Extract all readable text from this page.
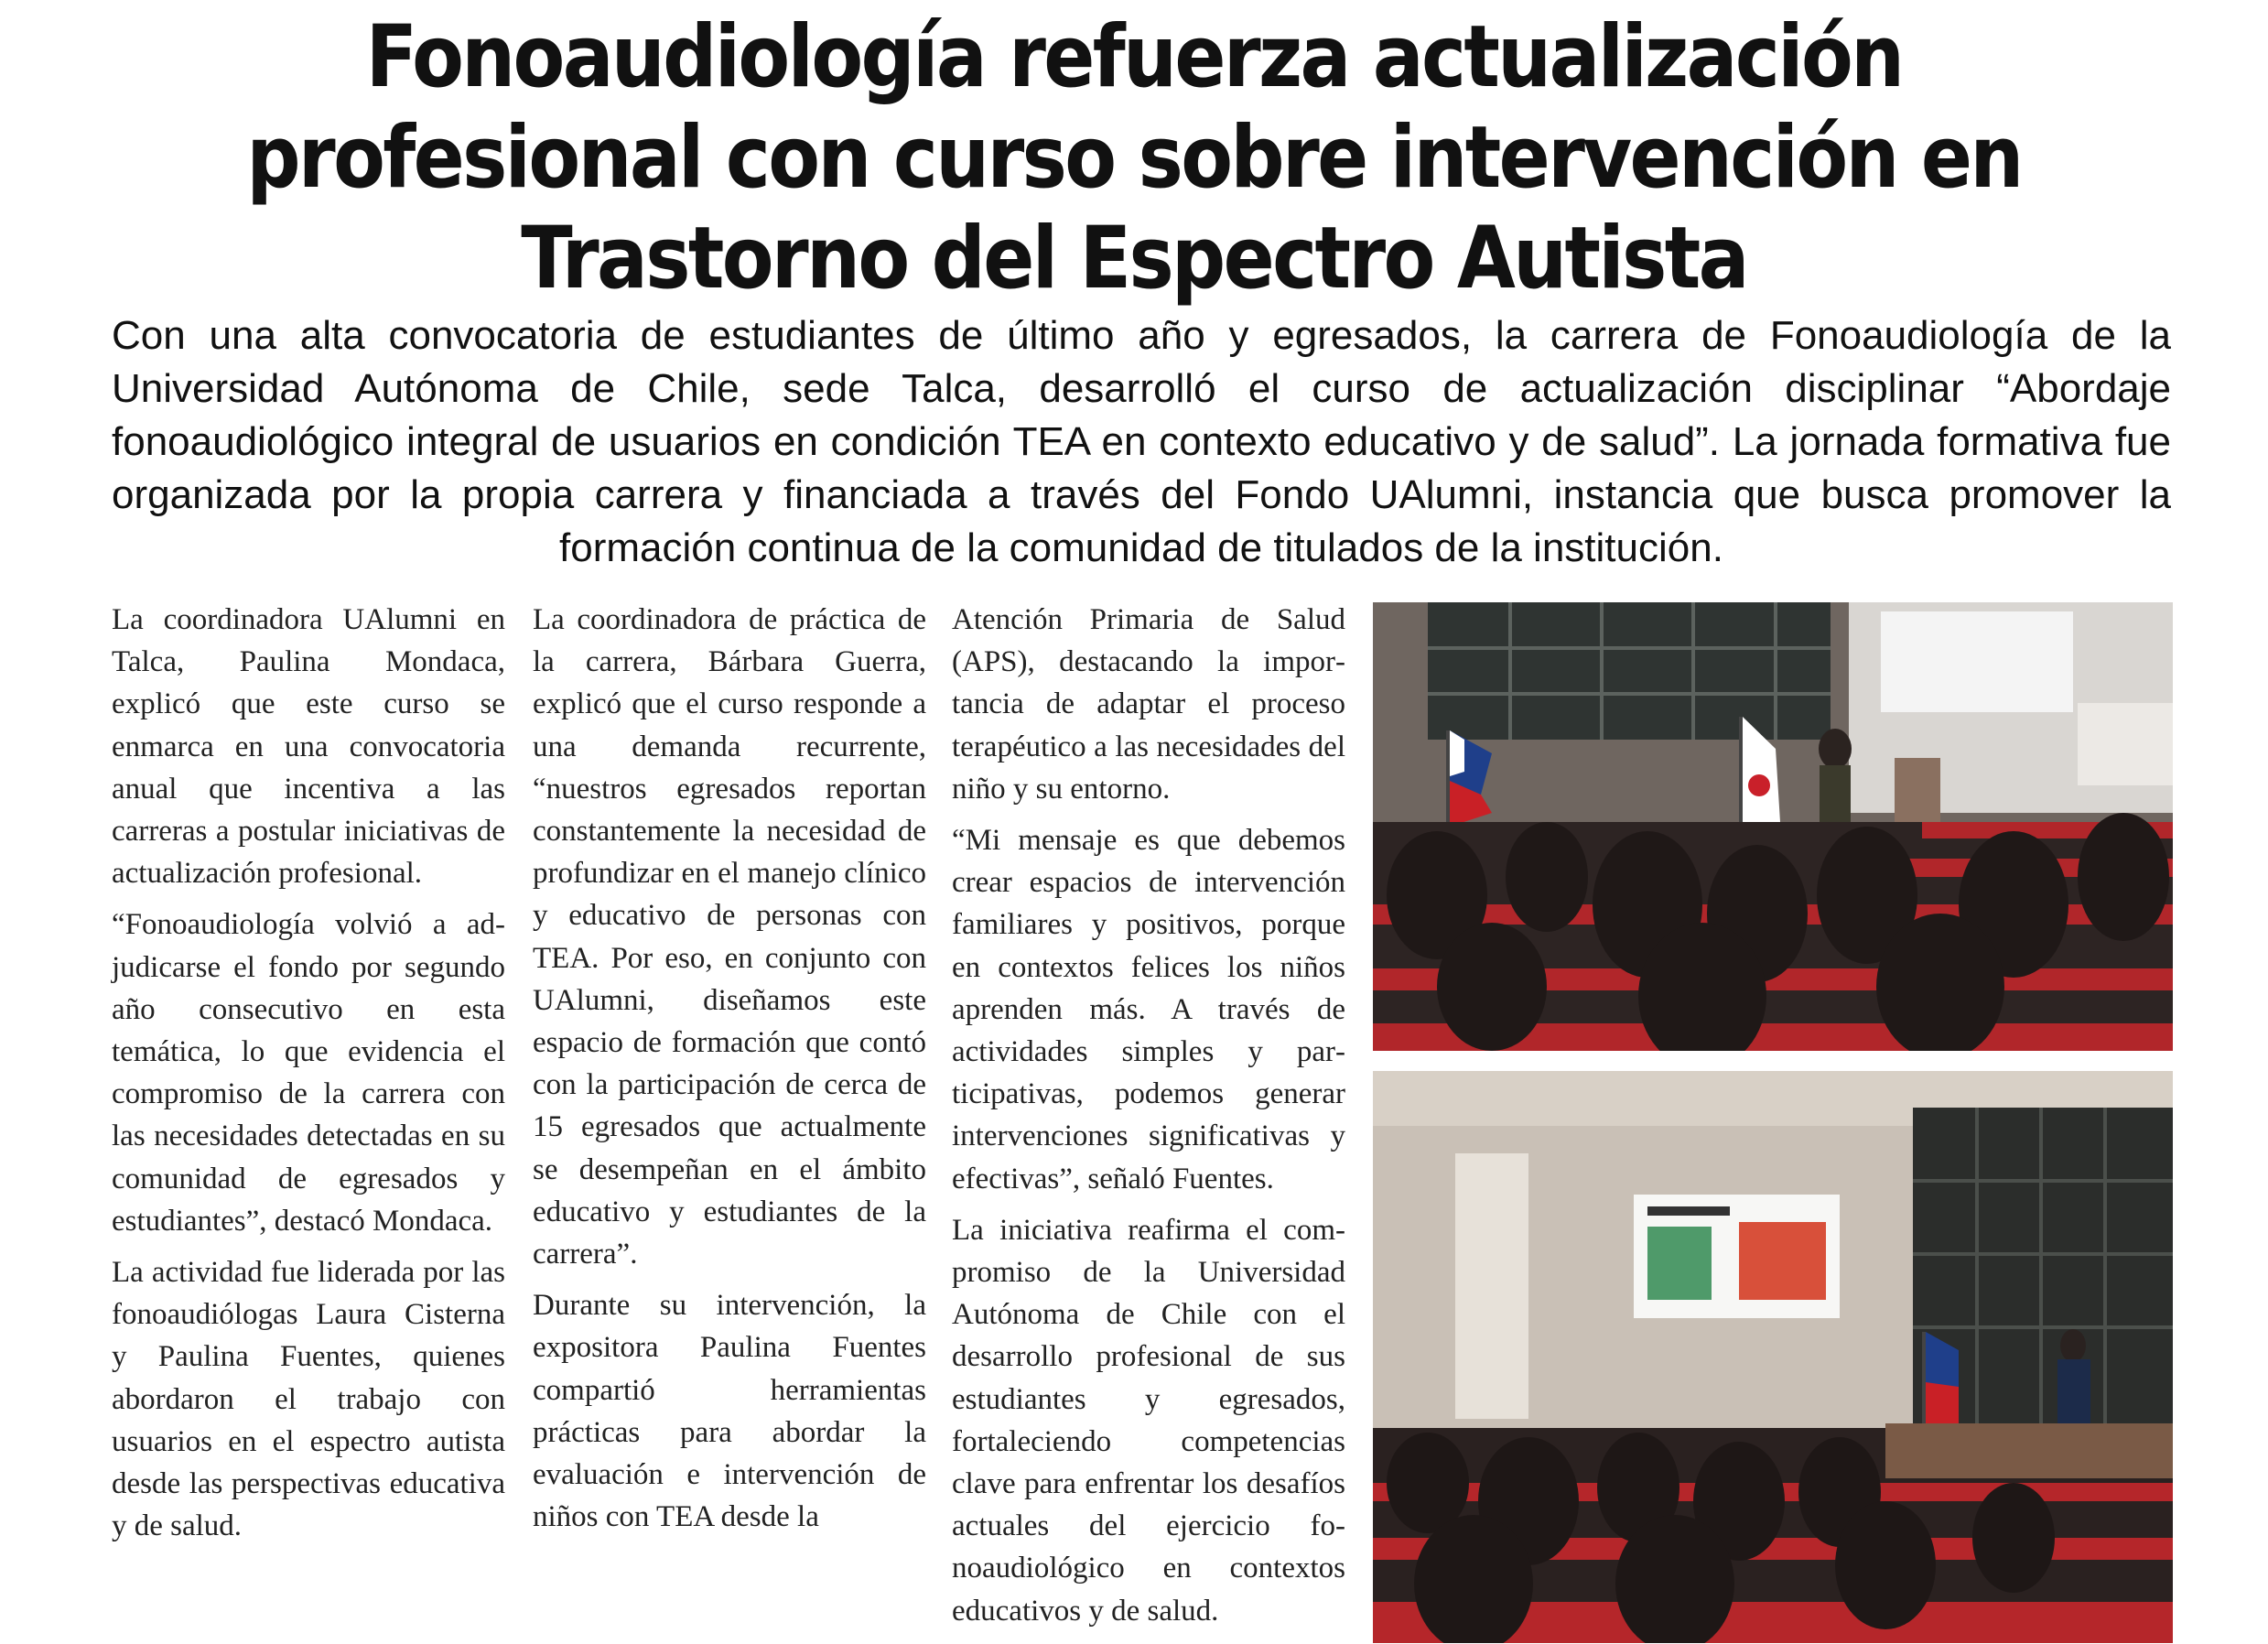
Fonoaudiología refuerza actualización
profesional con curso sobre intervención en
Trastorno del Espectro Autista

Con una alta convocatoria de estudiantes de último año y egresados, la carrera de Fonoaudiología de la Universidad Autónoma de Chile, sede Talca, desarrolló el curso de actualización disciplinar “Abordaje fonoaudiológico integral de usuarios en condición TEA en contexto educativo y de salud”. La jornada formativa fue organizada por la propia carrera y financiada a través del Fondo UAlumni, instancia que busca promover la formación continua de la comunidad de titulados de la institución.

La coordinadora UAlumni en Talca, Paulina Mondaca, explicó que este curso se enmarca en una convocatoria anual que incentiva a las carreras a postular iniciativas de actualización profesional.

“Fonoaudiología volvió a adjudicarse el fondo por segundo año consecutivo en esta temática, lo que evidencia el compromiso de la carrera con las necesidades detectadas en su comunidad de egresados y estudiantes”, destacó Mondaca.

La actividad fue liderada por las fonoaudiólogas Laura Cisterna y Paulina Fuentes, quienes abordaron el trabajo con usuarios en el espectro autista desde las perspectivas educativa y de salud.

La coordinadora de práctica de la carrera, Bárbara Guerra, explicó que el curso responde a una demanda recurrente, “nuestros egresados reportan constantemente la necesidad de profundizar en el manejo clínico y educativo de personas con TEA. Por eso, en conjunto con UAlumni, diseñamos este espacio de formación que contó con la participación de cerca de 15 egresados que actualmente se desempeñan en el ámbito educativo y estudiantes de la carrera”.

Durante su intervención, la expositora Paulina Fuentes compartió herramientas prácticas para abordar la evaluación e intervención de niños con TEA desde la

Atención Primaria de Salud (APS), destacando la importancia de adaptar el proceso terapéutico a las necesidades del niño y su entorno.

“Mi mensaje es que debemos crear espacios de intervención familiares y positivos, porque en contextos felices los niños aprenden más. A través de actividades simples y participativas, podemos generar intervenciones significativas y efectivas”, señaló Fuentes.

La iniciativa reafirma el compromiso de la Universidad Autónoma de Chile con el desarrollo profesional de sus estudiantes y egresados, fortaleciendo competencias clave para enfrentar los desafíos actuales del ejercicio fonoaudiológico en contextos educativos y de salud.
